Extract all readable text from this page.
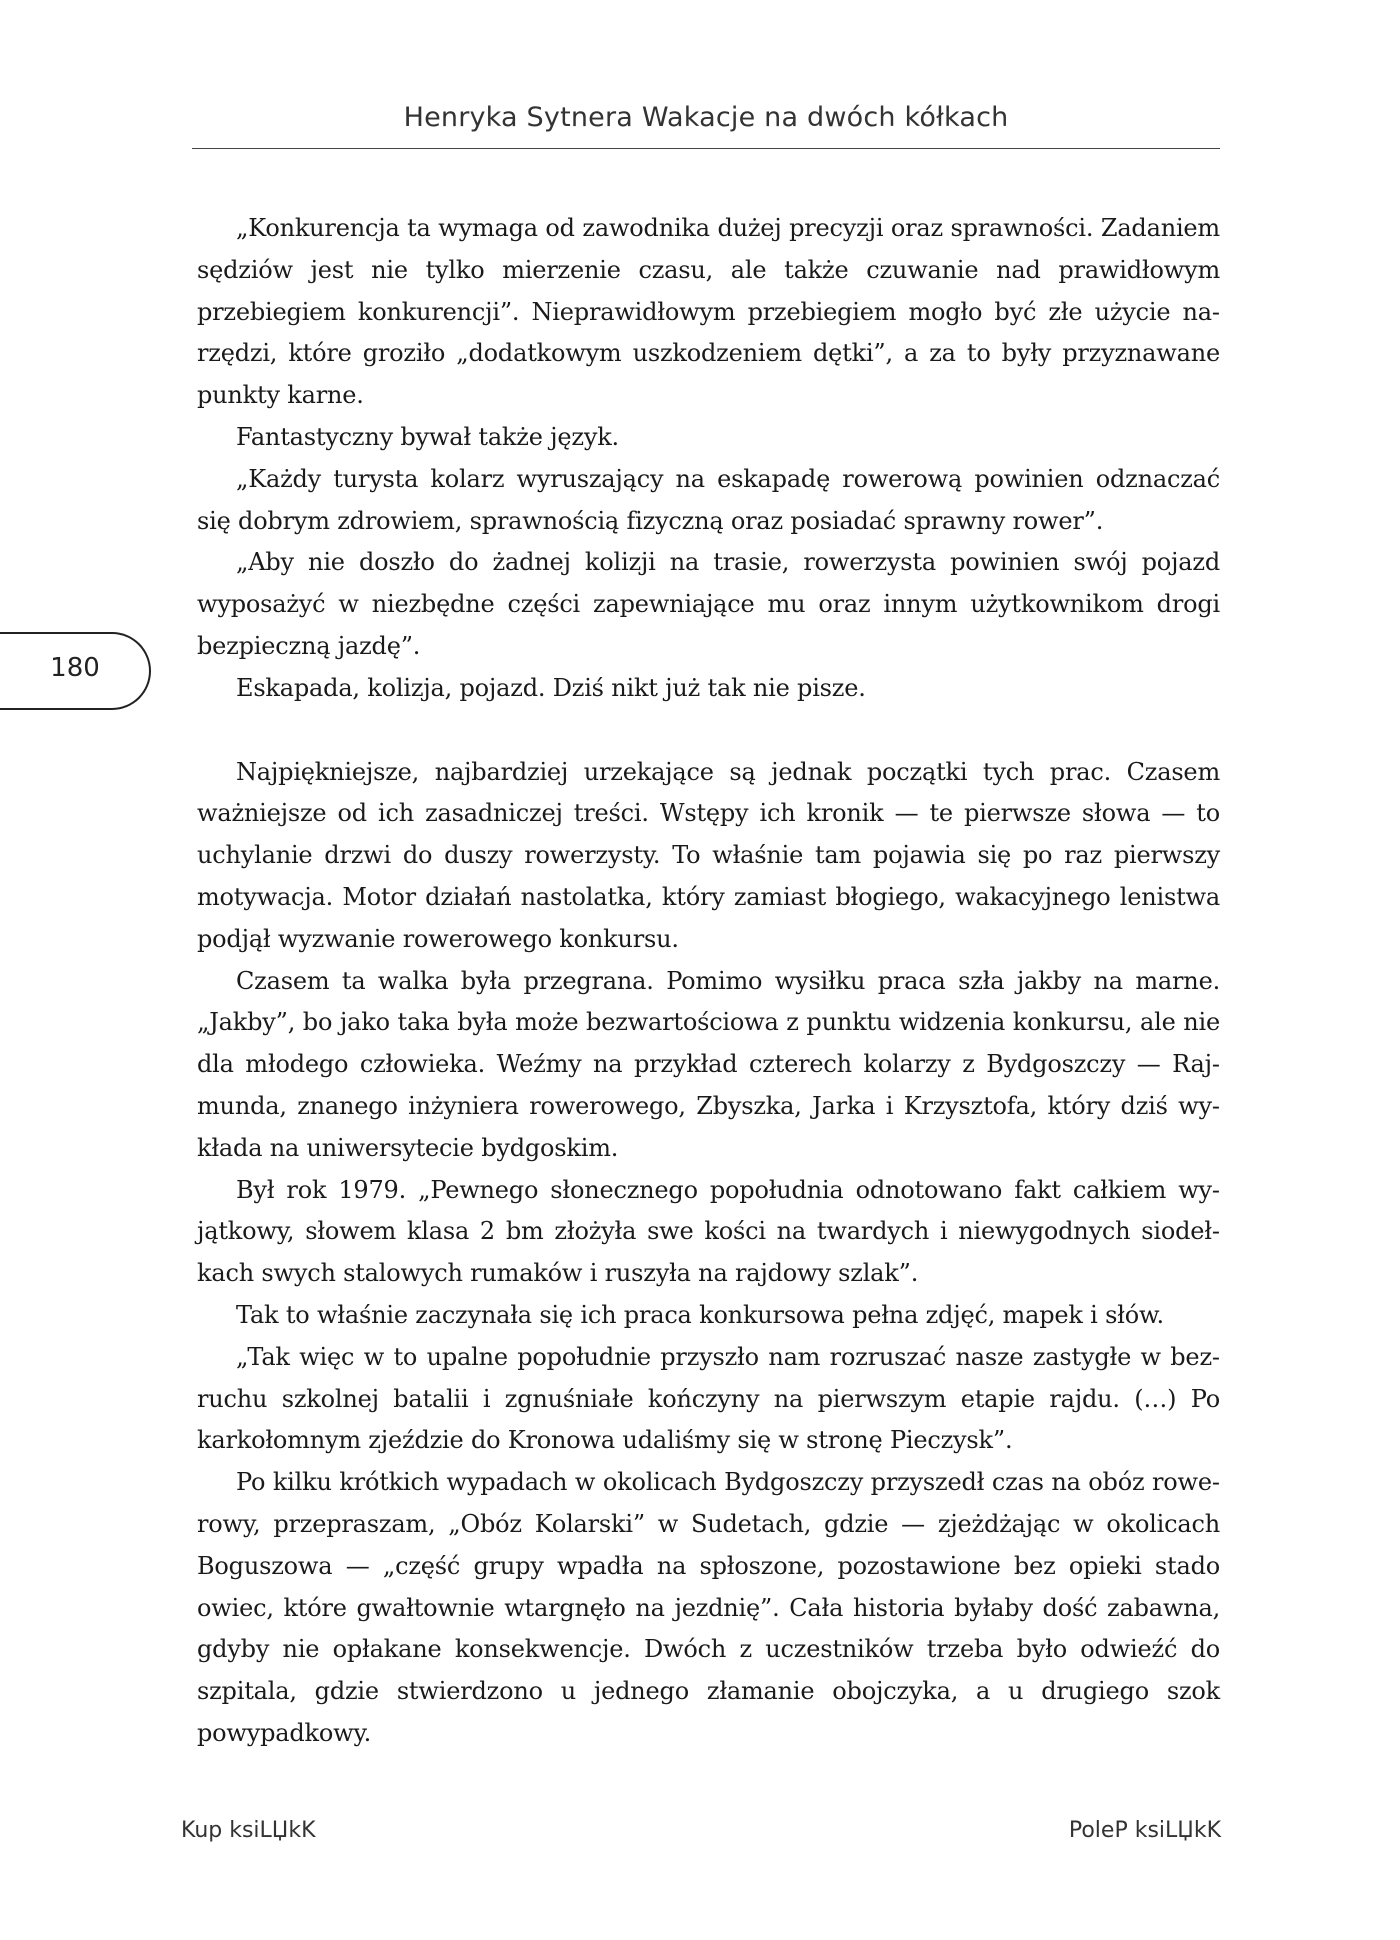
Henryka Sytnera Wakacje na dwóch kółkach
180

„Konkurencja ta wymaga od zawodnika dużej precyzji oraz sprawności. Zadaniem sędziów jest nie tylko mierzenie czasu, ale także czuwanie nad prawidłowym przebiegiem konkurencji”. Nieprawidłowym przebiegiem mogło być złe użycie narzędzi, które groziło „dodatkowym uszkodzeniem dętki”, a za to były przyznawane punkty karne.

Fantastyczny bywał także język.

„Każdy turysta kolarz wyruszający na eskapadę rowerową powinien odznaczać się dobrym zdrowiem, sprawnością fizyczną oraz posiadać sprawny rower”.

„Aby nie doszło do żadnej kolizji na trasie, rowerzysta powinien swój pojazd wyposażyć w niezbędne części zapewniające mu oraz innym użytkownikom drogi bezpieczną jazdę”.

Eskapada, kolizja, pojazd. Dziś nikt już tak nie pisze.

Najpiękniejsze, najbardziej urzekające są jednak początki tych prac. Czasem ważniejsze od ich zasadniczej treści. Wstępy ich kronik — te pierwsze słowa — to uchylanie drzwi do duszy rowerzysty. To właśnie tam pojawia się po raz pierwszy motywacja. Motor działań nastolatka, który zamiast błogiego, wakacyjnego lenistwa podjął wyzwanie rowerowego konkursu.

Czasem ta walka była przegrana. Pomimo wysiłku praca szła jakby na marne. „Jakby”, bo jako taka była może bezwartościowa z punktu widzenia konkursu, ale nie dla młodego człowieka. Weźmy na przykład czterech kolarzy z Bydgoszczy — Rajmunda, znanego inżyniera rowerowego, Zbyszka, Jarka i Krzysztofa, który dziś wykłada na uniwersytecie bydgoskim.

Był rok 1979. „Pewnego słonecznego popołudnia odnotowano fakt całkiem wyjątkowy, słowem klasa 2 bm złożyła swe kości na twardych i niewygodnych siodełkach swych stalowych rumaków i ruszyła na rajdowy szlak”.

Tak to właśnie zaczynała się ich praca konkursowa pełna zdjęć, mapek i słów.

„Tak więc w to upalne popołudnie przyszło nam rozruszać nasze zastygłe w bezruchu szkolnej batalii i zgnuśniałe kończyny na pierwszym etapie rajdu. (…) Po karkołomnym zjeździe do Kronowa udaliśmy się w stronę Pieczysk”.

Po kilku krótkich wypadach w okolicach Bydgoszczy przyszedł czas na obóz rowerowy, przepraszam, „Obóz Kolarski” w Sudetach, gdzie — zjeżdżając w okolicach Boguszowa — „część grupy wpadła na spłoszone, pozostawione bez opieki stado owiec, które gwałtownie wtargnęło na jezdnię”. Cała historia byłaby dość zabawna, gdyby nie opłakane konsekwencje. Dwóch z uczestników trzeba było odwieźć do szpitala, gdzie stwierdzono u jednego złamanie obojczyka, a u drugiego szok powypadkowy.

Kup ksiLЏkK	PoleP ksiLЏkK
